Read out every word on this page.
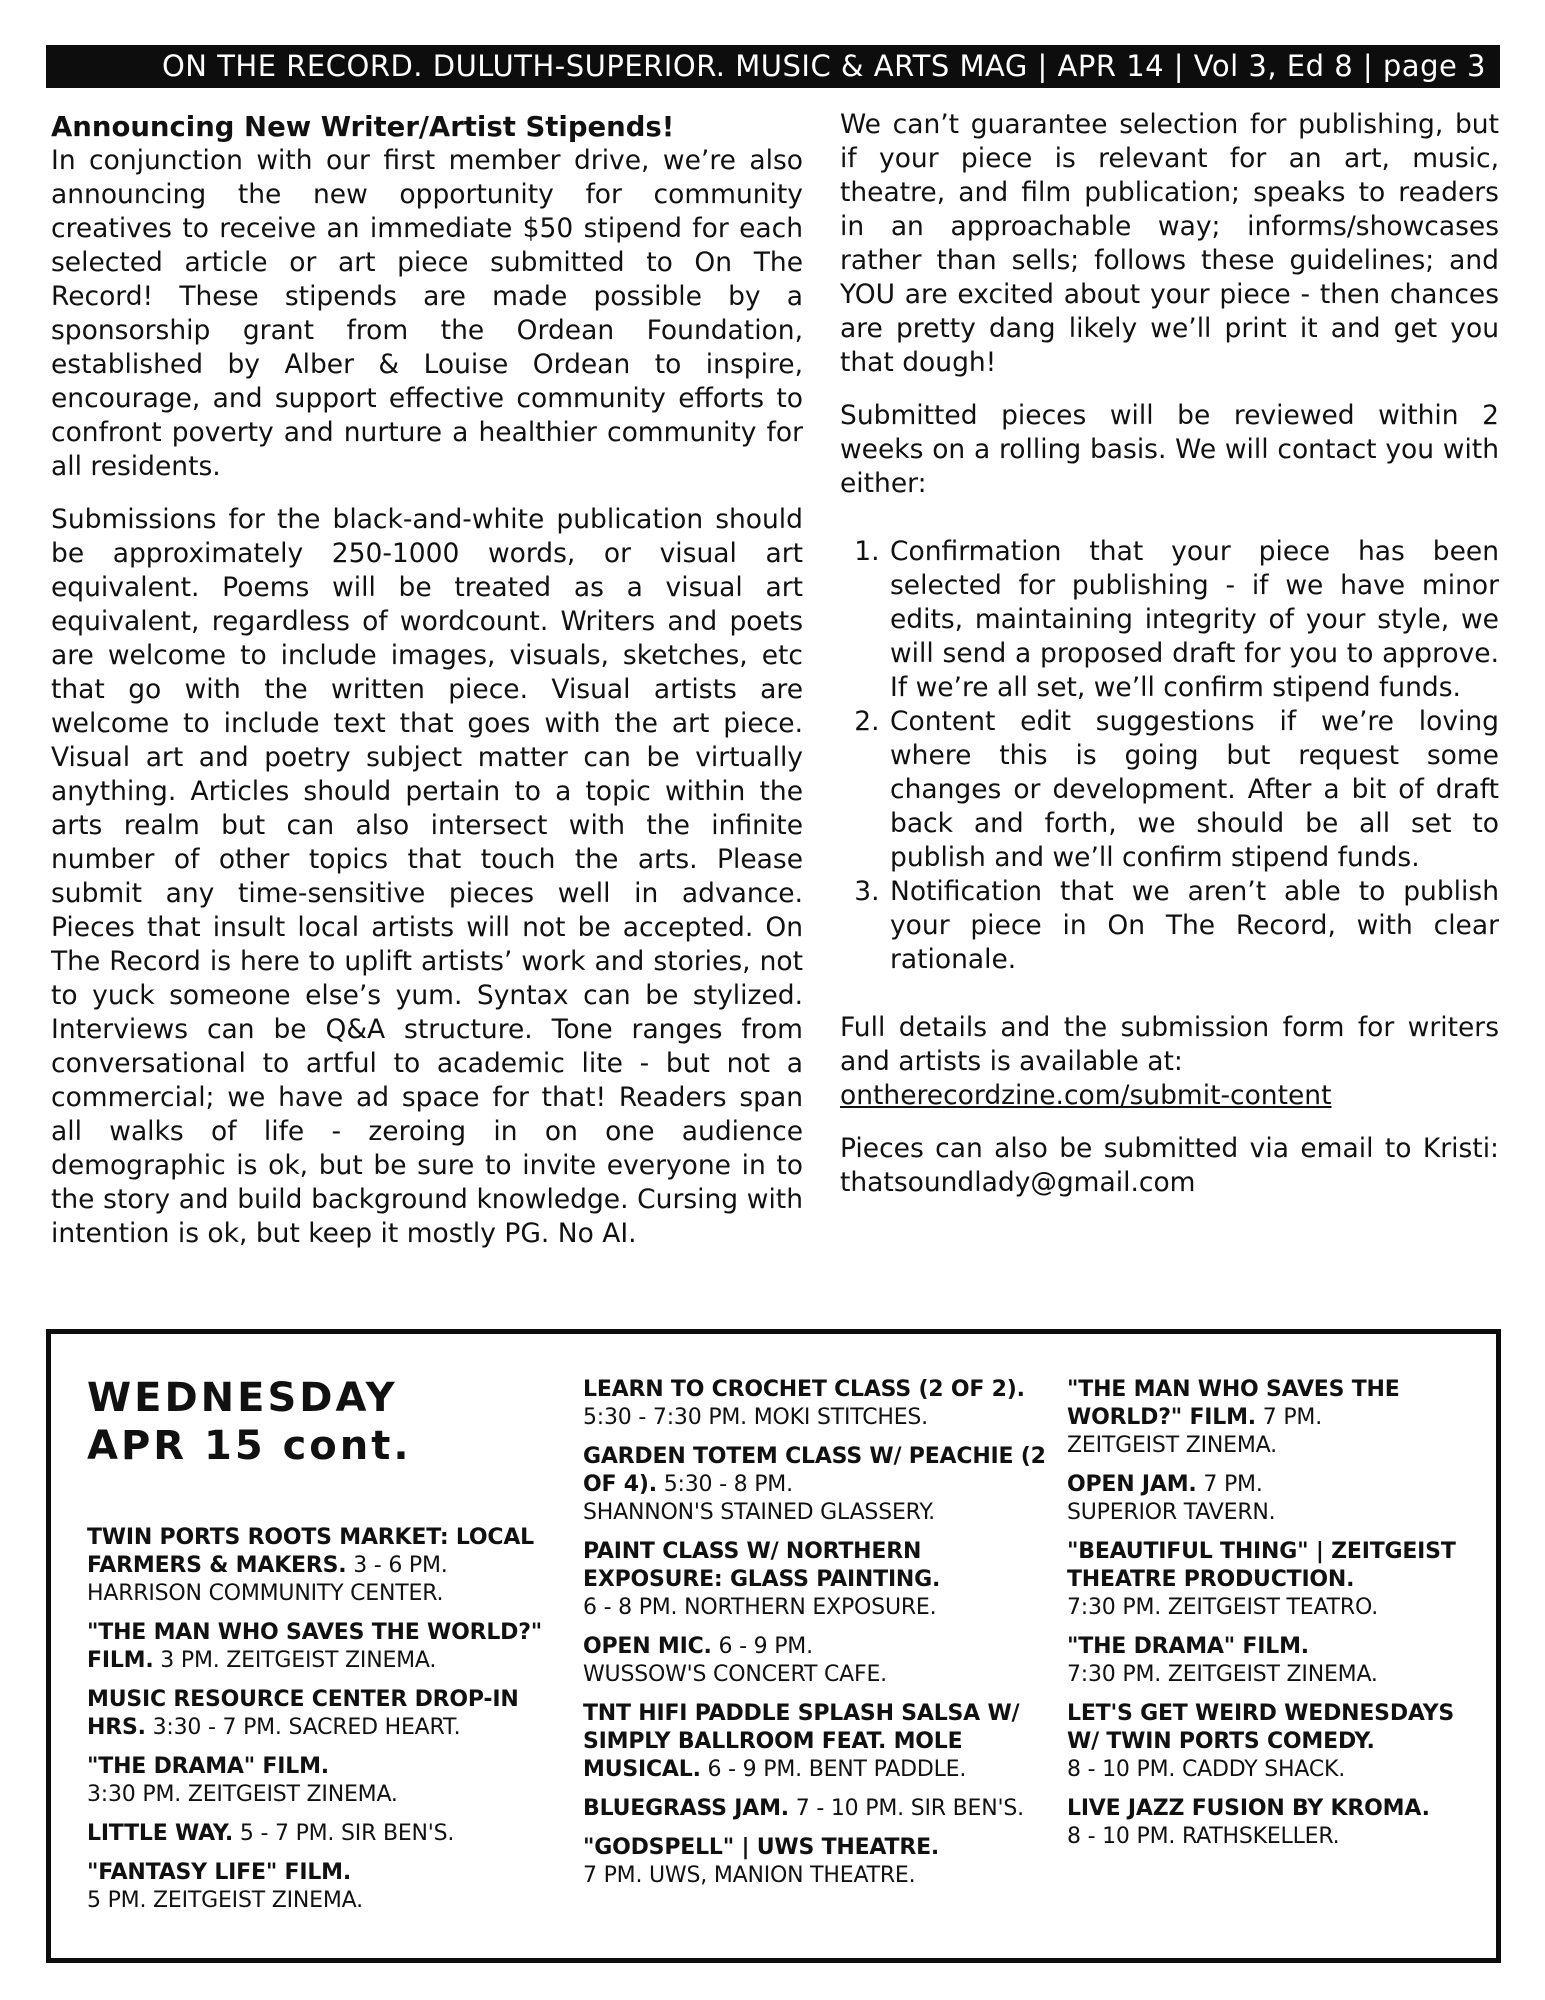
ON THE RECORD. DULUTH-SUPERIOR. MUSIC & ARTS MAG | APR 14 | Vol 3, Ed 8 | page 3
Announcing New Writer/Artist Stipends!

In conjunction with our first member drive, we’re also announcing the new opportunity for community creatives to receive an immediate $50 stipend for each selected article or art piece submitted to On The Record! These stipends are made possible by a sponsorship grant from the Ordean Foundation, established by Alber & Louise Ordean to inspire, encourage, and support effective community efforts to confront poverty and nurture a healthier community for all residents.

Submissions for the black-and-white publication should be approximately 250-1000 words, or visual art equivalent. Poems will be treated as a visual art equivalent, regardless of wordcount. Writers and poets are welcome to include images, visuals, sketches, etc that go with the written piece. Visual artists are welcome to include text that goes with the art piece. Visual art and poetry subject matter can be virtually anything. Articles should pertain to a topic within the arts realm but can also intersect with the infinite number of other topics that touch the arts. Please submit any time-sensitive pieces well in advance. Pieces that insult local artists will not be accepted. On The Record is here to uplift artists’ work and stories, not to yuck someone else’s yum. Syntax can be stylized. Interviews can be Q&A structure. Tone ranges from conversational to artful to academic lite - but not a commercial; we have ad space for that! Readers span all walks of life - zeroing in on one audience demographic is ok, but be sure to invite everyone in to the story and build background knowledge. Cursing with intention is ok, but keep it mostly PG. No AI.

We can’t guarantee selection for publishing, but if your piece is relevant for an art, music, theatre, and film publication; speaks to readers in an approachable way; informs/showcases rather than sells; follows these guidelines; and YOU are excited about your piece - then chances are pretty dang likely we’ll print it and get you that dough!

Submitted pieces will be reviewed within 2 weeks on a rolling basis. We will contact you with either:

1. Confirmation that your piece has been selected for publishing - if we have minor edits, maintaining integrity of your style, we will send a proposed draft for you to approve. If we’re all set, we’ll confirm stipend funds.
2. Content edit suggestions if we’re loving where this is going but request some changes or development. After a bit of draft back and forth, we should be all set to publish and we’ll confirm stipend funds.
3. Notification that we aren’t able to publish your piece in On The Record, with clear rationale.

Full details and the submission form for writers and artists is available at:
ontherecordzine.com/submit-content

Pieces can also be submitted via email to Kristi: thatsoundlady@gmail.com

WEDNESDAY
APR 15 cont.
TWIN PORTS ROOTS MARKET: LOCAL FARMERS & MAKERS. 3 - 6 PM.
HARRISON COMMUNITY CENTER.
"THE MAN WHO SAVES THE WORLD?" FILM. 3 PM. ZEITGEIST ZINEMA.
MUSIC RESOURCE CENTER DROP-IN HRS. 3:30 - 7 PM. SACRED HEART.
"THE DRAMA" FILM.
3:30 PM. ZEITGEIST ZINEMA.
LITTLE WAY. 5 - 7 PM. SIR BEN'S.
"FANTASY LIFE" FILM.
5 PM. ZEITGEIST ZINEMA.
LEARN TO CROCHET CLASS (2 OF 2).
5:30 - 7:30 PM. MOKI STITCHES.
GARDEN TOTEM CLASS W/ PEACHIE (2 OF 4). 5:30 - 8 PM.
SHANNON'S STAINED GLASSERY.
PAINT CLASS W/ NORTHERN EXPOSURE: GLASS PAINTING.
6 - 8 PM. NORTHERN EXPOSURE.
OPEN MIC. 6 - 9 PM.
WUSSOW'S CONCERT CAFE.
TNT HIFI PADDLE SPLASH SALSA W/ SIMPLY BALLROOM FEAT. MOLE MUSICAL. 6 - 9 PM. BENT PADDLE.
BLUEGRASS JAM. 7 - 10 PM. SIR BEN'S.
"GODSPELL" | UWS THEATRE.
7 PM. UWS, MANION THEATRE.
"THE MAN WHO SAVES THE WORLD?" FILM. 7 PM.
ZEITGEIST ZINEMA.
OPEN JAM. 7 PM.
SUPERIOR TAVERN.
"BEAUTIFUL THING" | ZEITGEIST THEATRE PRODUCTION.
7:30 PM. ZEITGEIST TEATRO.
"THE DRAMA" FILM.
7:30 PM. ZEITGEIST ZINEMA.
LET'S GET WEIRD WEDNESDAYS W/ TWIN PORTS COMEDY.
8 - 10 PM. CADDY SHACK.
LIVE JAZZ FUSION BY KROMA.
8 - 10 PM. RATHSKELLER.
